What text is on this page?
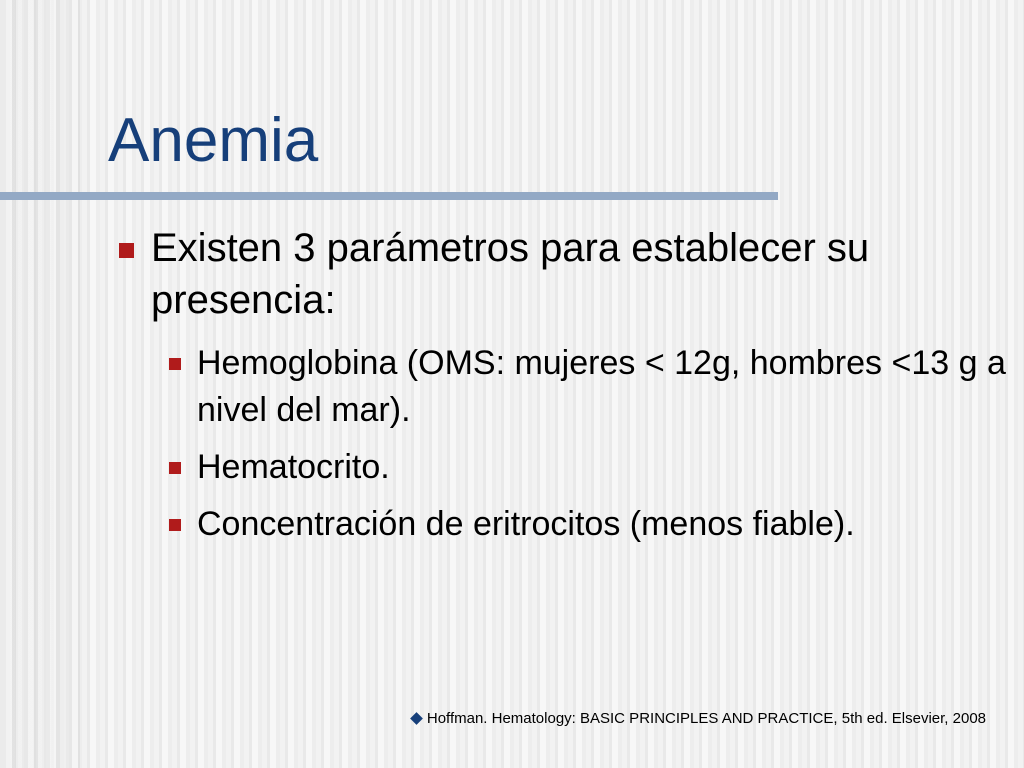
Anemia
Existen 3 parámetros para establecer su presencia:
Hemoglobina (OMS: mujeres < 12g, hombres <13 g a nivel del mar).
Hematocrito.
Concentración de eritrocitos (menos fiable).
Hoffman. Hematology: BASIC PRINCIPLES AND PRACTICE, 5th ed. Elsevier, 2008
